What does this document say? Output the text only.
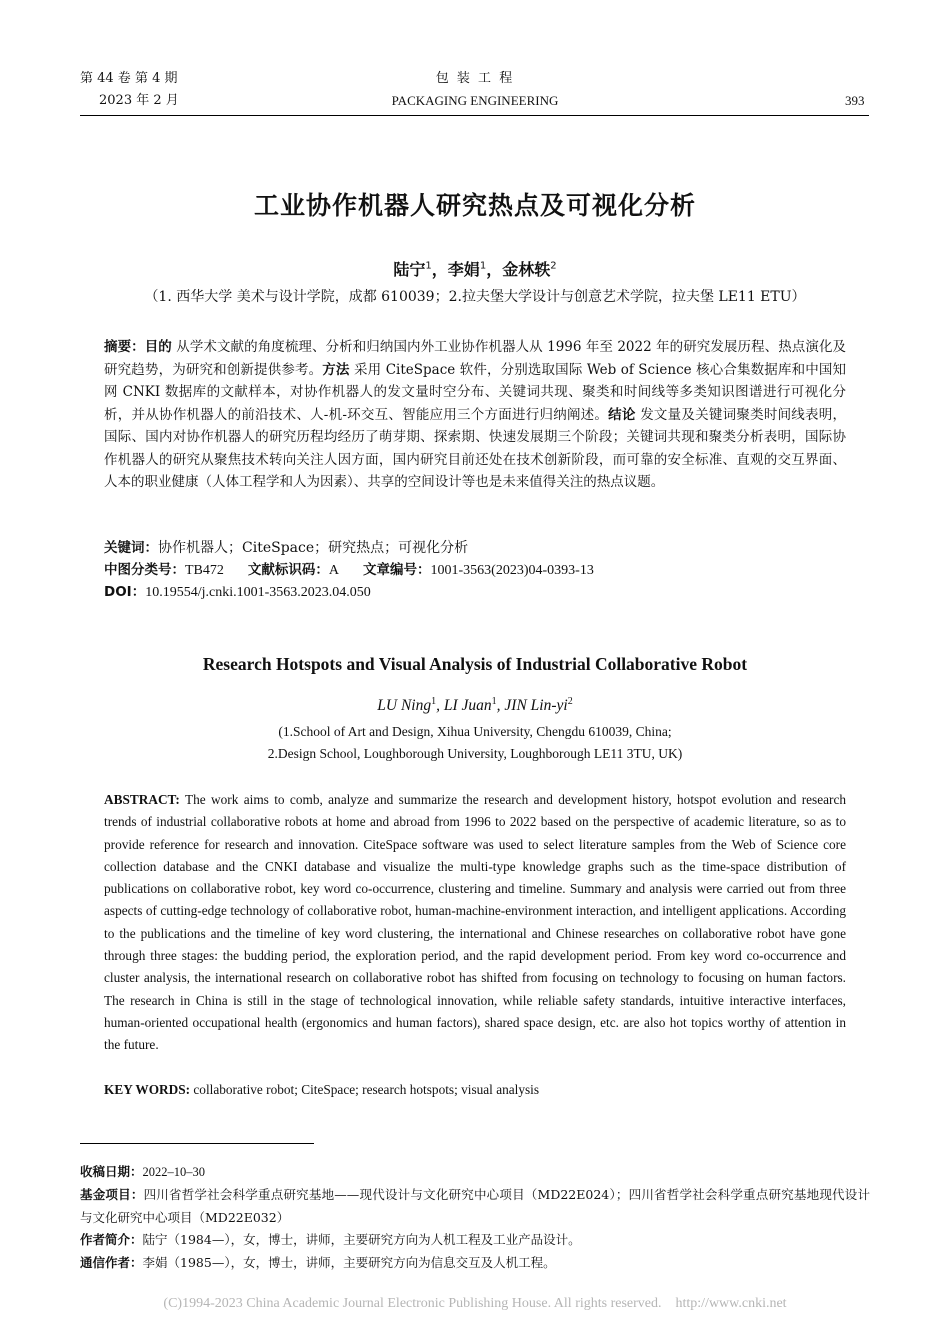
第 44 卷 第 4 期
2023 年 2 月
包 装 工 程
PACKAGING ENGINEERING	393
工业协作机器人研究热点及可视化分析
陆宁$^1$，李娟$^1$，金林轶$^2$
（1. 西华大学 美术与设计学院，成都 610039；2.拉夫堡大学设计与创意艺术学院，拉夫堡 LE11 ETU）
摘要：目的 从学术文献的角度梳理、分析和归纳国内外工业协作机器人从 1996 年至 2022 年的研究发展历程、热点演化及研究趋势，为研究和创新提供参考。方法 采用 CiteSpace 软件，分别选取国际 Web of Science 核心合集数据库和中国知网 CNKI 数据库的文献样本，对协作机器人的发文量时空分布、关键词共现、聚类和时间线等多类知识图谱进行可视化分析，并从协作机器人的前沿技术、人-机-环交互、智能应用三个方面进行归纳阐述。结论 发文量及关键词聚类时间线表明，国际、国内对协作机器人的研究历程均经历了萌芽期、探索期、快速发展期三个阶段；关键词共现和聚类分析表明，国际协作机器人的研究从聚焦技术转向关注人因方面，国内研究目前还处在技术创新阶段，而可靠的安全标准、直观的交互界面、人本的职业健康（人体工程学和人为因素）、共享的空间设计等也是未来值得关注的热点议题。
关键词：协作机器人；CiteSpace；研究热点；可视化分析
中图分类号：TB472 文献标识码：A 文章编号：1001-3563(2023)04-0393-13
DOI：10.19554/j.cnki.1001-3563.2023.04.050
Research Hotspots and Visual Analysis of Industrial Collaborative Robot
LU Ning$^1$, LI Juan$^1$, JIN Lin-$yi^2$
(1.School of Art and Design, Xihua University, Chengdu 610039, China;
2.Design School, Loughborough University, Loughborough LE11 3TU, UK)
ABSTRACT: The work aims to comb, analyze and summarize the research and development history, hotspot evolution and research trends of industrial collaborative robots at home and abroad from 1996 to 2022 based on the perspective of academic literature, so as to provide reference for research and innovation. CiteSpace software was used to select literature samples from the Web of Science core collection database and the CNKI database and visualize the multi-type knowledge graphs such as the time-space distribution of publications on collaborative robot, key word co-occurrence, clustering and timeline. Summary and analysis were carried out from three aspects of cutting-edge technology of collaborative robot, human-machine-environment interaction, and intelligent applications. According to the publications and the timeline of key word clustering, the international and Chinese researches on collaborative robot have gone through three stages: the budding period, the exploration period, and the rapid development period. From key word co-occurrence and cluster analysis, the international research on collaborative robot has shifted from focusing on technology to focusing on human factors. The research in China is still in the stage of technological innovation, while reliable safety standards, intuitive interactive interfaces, human-oriented occupational health (ergonomics and human factors), shared space design, etc. are also hot topics worthy of attention in the future.
KEY WORDS: collaborative robot; CiteSpace; research hotspots; visual analysis
收稿日期：2022–10–30
基金项目：四川省哲学社会科学重点研究基地——现代设计与文化研究中心项目（MD22E024）；四川省哲学社会科学重点研究基地现代设计与文化研究中心项目（MD22E032）
作者简介：陆宁（1984—），女，博士，讲师，主要研究方向为人机工程及工业产品设计。
通信作者：李娟（1985—），女，博士，讲师，主要研究方向为信息交互及人机工程。
(C)1994-2023 China Academic Journal Electronic Publishing House. All rights reserved.    http://www.cnki.net
